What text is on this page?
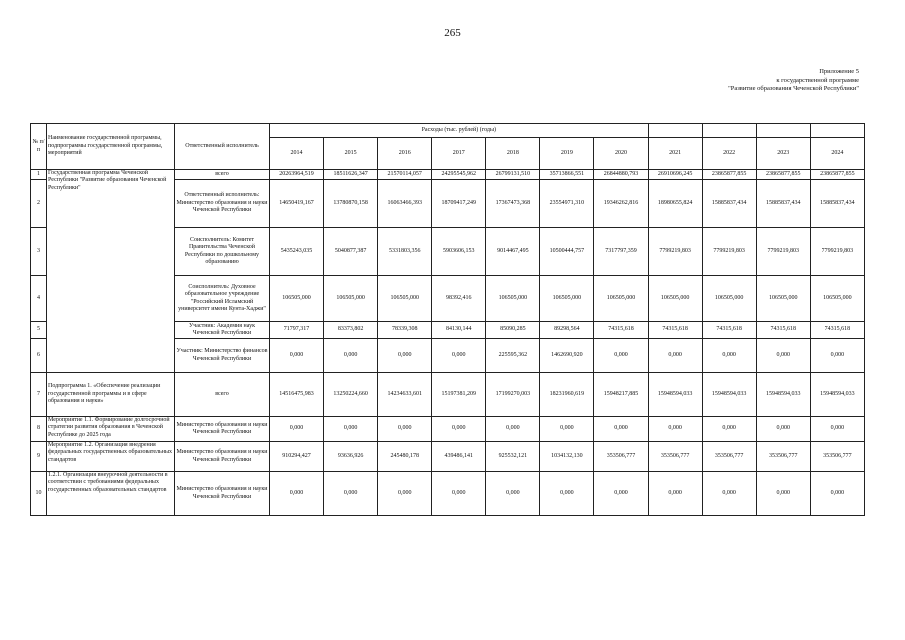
265
Приложение 5
к государственной программе
"Развитие образования Чеченской Республики"
№ п/п	Наименование государственной программы, подпрограммы государственной программы, мероприятий	Ответственный исполнитель	Расходы (тыс. рублей) (годы)										
			2014	2015	2016	2017	2018	2019	2020	2021	2022	2023	2024
1	Государственная программа Чеченской Республики "Развитие образования Чеченской Республики"	всего	20263964,519	18511626,347	21570114,057	24295545,962	26799131,510	35713866,551	26844880,793	26910696,245	23865877,855	23865877,855	23865877,855
2		Ответственный исполнитель: Министерство образования и науки Чеченской Республики	14650419,167	13780870,158	16063466,393	18709417,249	17367473,368	23554971,310	19346262,816	18980655,824	15885837,434	15885837,434	15885837,434
3		Соисполнитель: Комитет Правительства Чеченской Республики по дошкольному образованию	5435243,035	5040877,387	5331803,356	5903606,153	9014467,495	10500444,757	7317797,359	7799219,803	7799219,803	7799219,803	7799219,803
4		Соисполнитель: Духовное образовательное учреждение "Российский Исламский университет имени Кунта-Хаджи"	106505,000	106505,000	106505,000	98392,416	106505,000	106505,000	106505,000	106505,000	106505,000	106505,000	106505,000
5		Участник: Академия наук Чеченской Республики	71797,317	83373,802	78339,308	84130,144	85090,285	89298,564	74315,618	74315,618	74315,618	74315,618	74315,618
6		Участник: Министерство финансов Чеченской Республики	0,000	0,000	0,000	0,000	225595,362	1462690,920	0,000	0,000	0,000	0,000	0,000
7	Подпрограмма 1. «Обеспечение реализации государственной программы и в сфере образования и науки»	всего	14516475,983	13250224,660	14234633,601	15197381,209	17199270,003	18231960,619	15948217,885	15948594,033	15948594,033	15948594,033	15948594,033
8	Мероприятие 1.1. Формирование долгосрочной стратегии развития образования в Чеченской Республике до 2025 года	Министерство образования и науки Чеченской Республики	0,000	0,000	0,000	0,000	0,000	0,000	0,000	0,000	0,000	0,000	0,000
9	Мероприятие 1.2. Организация внедрения федеральных государственных образовательных стандартов	Министерство образования и науки Чеченской Республики	910294,427	93636,926	245480,178	439486,141	925532,121	1034132,130	353506,777	353506,777	353506,777	353506,777	353506,777
10	1.2.1. Организация внеурочной деятельности в соответствии с требованиями федеральных государственных образовательных стандартов	Министерство образования и науки Чеченской Республики	0,000	0,000	0,000	0,000	0,000	0,000	0,000	0,000	0,000	0,000	0,000
